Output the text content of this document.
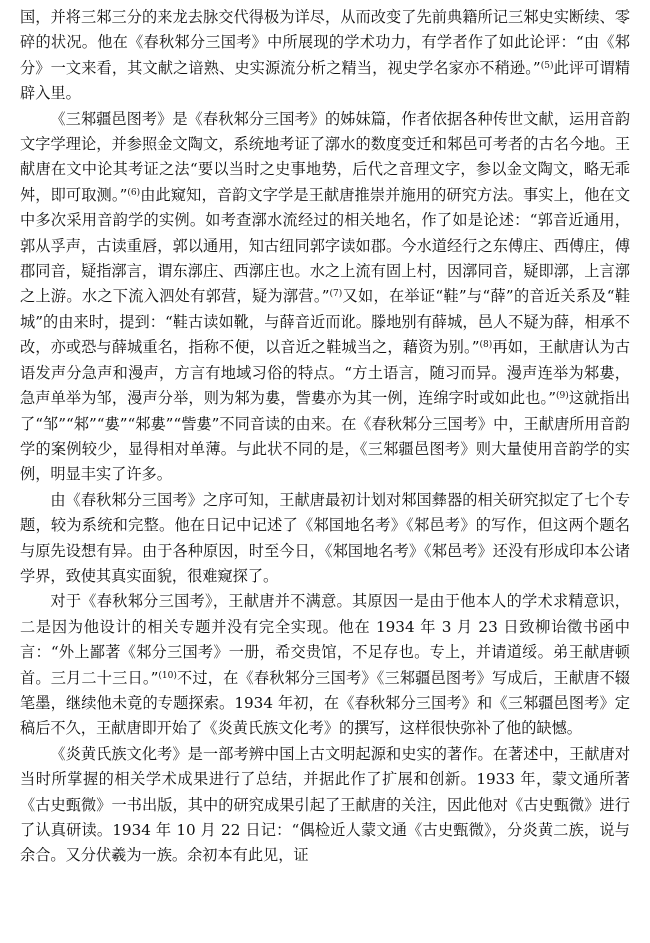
国，并将三邾三分的来龙去脉交代得极为详尽，从而改变了先前典籍所记三邾史实断续、零碎的状况。他在《春秋邾分三国考》中所展现的学术功力，有学者作了如此论评：“由《邾分》一文来看，其文献之谙熟、史实源流分析之精当，视史学名家亦不稍逊。”$^{(5)}$此评可谓精辟入里。

《三邾疆邑图考》是《春秋邾分三国考》的姊妹篇，作者依据各种传世文献，运用音韵文字学理论，并参照金文陶文，系统地考证了漷水的数度变迁和邾邑可考者的古名今地。王献唐在文中论其考证之法“要以当时之史事地势，后代之音理文字，参以金文陶文，略无乖舛，即可取测。”$^{(6)}$由此窥知，音韵文字学是王献唐推崇并施用的研究方法。事实上，他在文中多次采用音韵学的实例。如考查漷水流经过的相关地名，作了如是论述：“郭音近通用，郭从孚声，古读重唇，郭以通用，知古纽同郭字读如郡。今水道经行之东傅庄、西傅庄，傅郡同音，疑指漷言，谓东漷庄、西漷庄也。水之上流有固上村，因漷同音，疑即漷，上言漷之上游。水之下流入泗处有郭营，疑为漷营。”$^{(7)}$又如，在举证“鞋”与“薛”的音近关系及“鞋城”的由来时，提到：“鞋古读如靴，与薛音近而讹。滕地别有薛城，邑人不疑为薛，相承不改，亦或恐与薛城重名，指称不便，以音近之鞋城当之，藉资为别。”$^{(8)}$再如，王献唐认为古语发声分急声和漫声，方言有地域习俗的特点。“方土语言，随习而异。漫声连举为邾婁，急声单举为邹，漫声分举，则为邾为婁，訾婁亦为其一例，连绵字时或如此也。”$^{(9)}$这就指出了“邹”“邾”“婁”“邾婁”“訾婁”不同音读的由来。在《春秋邾分三国考》中，王献唐所用音韵学的案例较少，显得相对单薄。与此状不同的是，《三邾疆邑图考》则大量使用音韵学的实例，明显丰实了许多。

由《春秋邾分三国考》之序可知，王献唐最初计划对邾国彝器的相关研究拟定了七个专题，较为系统和完整。他在日记中记述了《邾国地名考》《邾邑考》的写作，但这两个题名与原先设想有异。由于各种原因，时至今日，《邾国地名考》《邾邑考》还没有形成印本公诸学界，致使其真实面貌，很难窥探了。

对于《春秋邾分三国考》，王献唐并不满意。其原因一是由于他本人的学术求精意识，二是因为他设计的相关专题并没有完全实现。他在 1934 年 3 月 23 日致柳诒徵书函中言：“外上鄙著《邾分三国考》一册，希交贵馆，不足存也。专上，并请道绥。弟王献唐顿首。三月二十三日。”$^{(10)}$不过，在《春秋邾分三国考》《三邾疆邑图考》写成后，王献唐不辍笔墨，继续他未竟的专题探索。1934 年初，在《春秋邾分三国考》和《三邾疆邑图考》定稿后不久，王献唐即开始了《炎黄氏族文化考》的撰写，这样很快弥补了他的缺憾。

《炎黄氏族文化考》是一部考辨中国上古文明起源和史实的著作。在著述中，王献唐对当时所掌握的相关学术成果进行了总结，并据此作了扩展和创新。1933 年，蒙文通所著《古史甄微》一书出版，其中的研究成果引起了王献唐的关注，因此他对《古史甄微》进行了认真研读。1934 年 10 月 22 日记：“偶检近人蒙文通《古史甄微》，分炎黄二族，说与余合。又分伏羲为一族。余初本有此见，证
